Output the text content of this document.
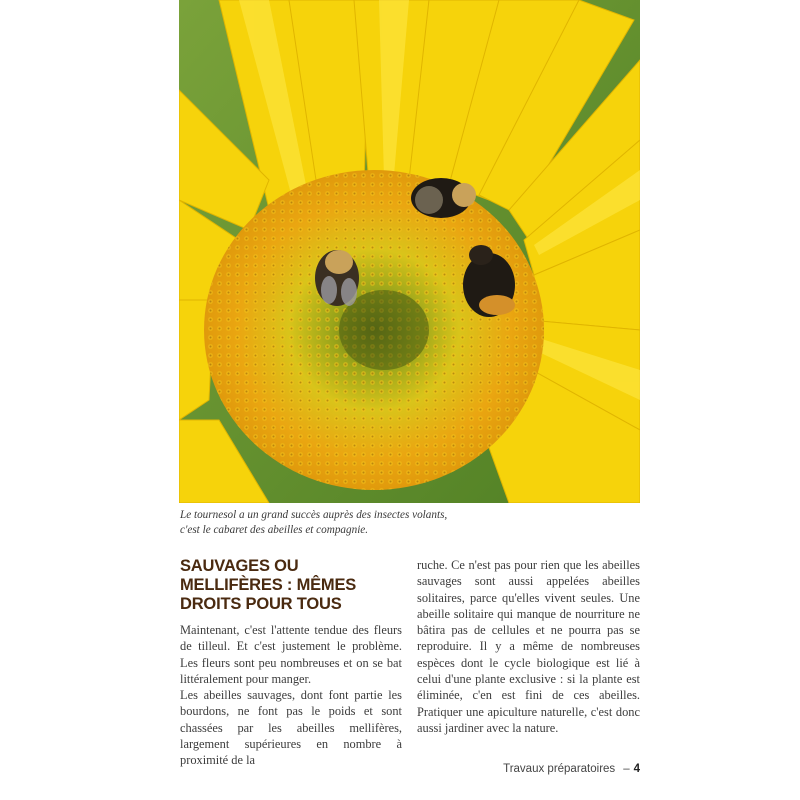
Le tournesol a un grand succès auprès des insectes volants,
c'est le cabaret des abeilles et compagnie.
SAUVAGES OU MELLIFÈRES : MÊMES DROITS POUR TOUS

Maintenant, c'est l'attente tendue des fleurs de tilleul. Et c'est justement le problème. Les fleurs sont peu nombreuses et on se bat littéralement pour manger.

Les abeilles sauvages, dont font partie les bourdons, ne font pas le poids et sont chassées par les abeilles mellifères, largement supérieures en nombre à proximité de la

ruche. Ce n'est pas pour rien que les abeilles sauvages sont aussi appelées abeilles solitaires, parce qu'elles vivent seules. Une abeille solitaire qui manque de nourriture ne bâtira pas de cellules et ne pourra pas se reproduire. Il y a même de nombreuses espèces dont le cycle biologique est lié à celui d'une plante exclusive : si la plante est éliminée, c'en est fini de ces abeilles. Pratiquer une apiculture naturelle, c'est donc aussi jardiner avec la nature.

Travaux préparatoires – 4
